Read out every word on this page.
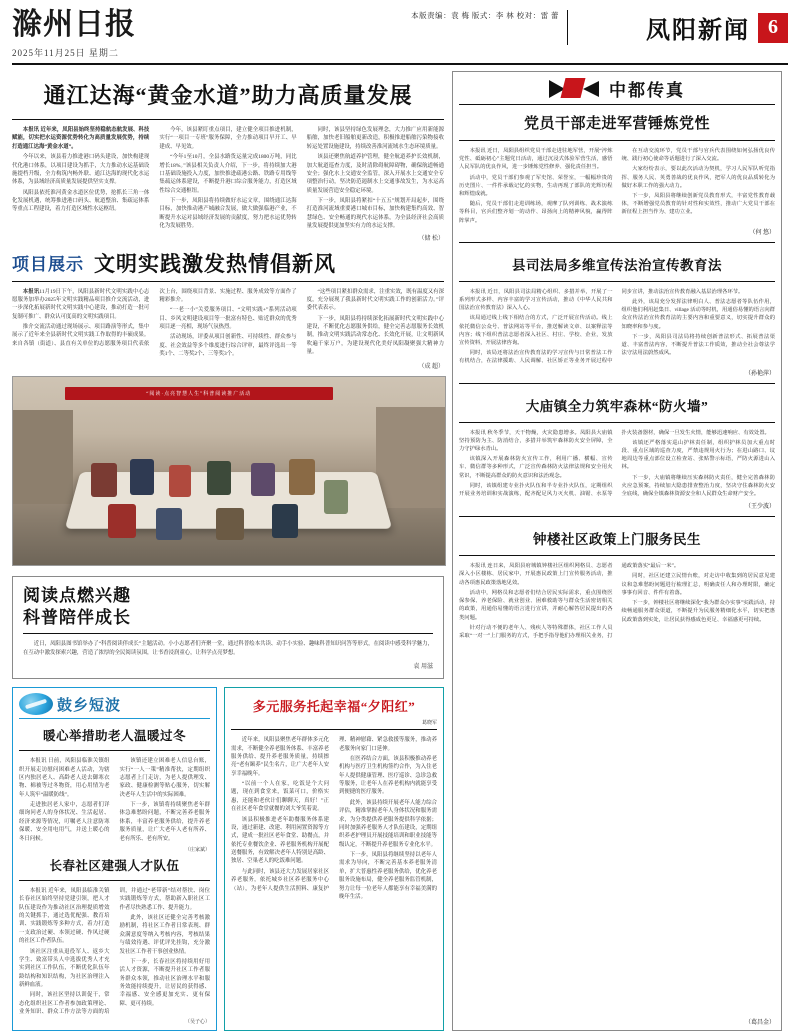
滁州日报
2025年11月25日 星期二
本版责编：袁 梅 版式：李 林 校对：雷 蕾
凤阳新闻 6
通江达海“黄金水道”助力高质量发展

本报讯 近年来，凤阳县始终坚持稳航态航发展、科技赋能，切实把水运资源优势转化为高质量发展优势，持续打造通江达海“黄金水道”。

今年以来，该县着力推进港口码头建设，加快构建现代化港口体系，以项目建设为抓手，大力推动水运基础设施提档升级，全力构筑内畅外联、通江达海的现代化水运体系，为县域经济高质量发展提供坚实支撑。

凤阳县依托淮河黄金水道区位优势，抢抓长三角一体化发展机遇，统筹推进港口码头、航道整治、集疏运体系等重点工程建设，着力打造区域性水运枢纽。

今年，该县紧盯重点项目，建立健全项目推进机制，实行“一项目一专班”服务保障，全力推动项目早开工、早建成、早见效。

“今年1至10月，全县水路货运量完成1800万吨，同比增长18%。”该县相关负责人介绍，下一步，将持续加大港口基础设施投入力度，加快推进疏港公路、铁路专用线等集疏运体系建设，不断提升港口综合服务能力，打造区域性综合交通枢纽。

下一步，凤阳县将持续做好水运文章，围绕通江达海目标，加快推动港产城融合发展，做大做强临港产业，不断提升水运对县域经济发展的贡献度，努力把水运优势转化为发展胜势。

同时，该县坚持绿色发展理念，大力推广应用新能源船舶，加快老旧船舶更新改造，积极推进船舶污染物接收转运处置设施建设，持续改善淮河流域水生态环境质量。

该县还聚焦航道养护管理，健全航道养护长效机制，加大航道巡查力度，及时清除碍航障碍物，确保航道畅通安全；强化水上交通安全监管，深入开展水上交通安全专项整治行动，坚决防范遏制水上交通事故发生，为水运高质量发展营造安全稳定环境。

下一步，凤阳县将紧扣“十五五”规划开局起步，围绕打造淮河流域重要港口城市目标，加快构建集约高效、智慧绿色、安全畅通的现代水运体系，为全县经济社会高质量发展提供更加坚实有力的水运支撑。

（储 松）
项目展示 文明实践激发热情倡新风

本报讯11月19日下午，凤阳县新时代文明实践中心志愿服务加举办2025年文明实践精品项目推介交流活动，进一步深化拓展新时代文明实践中心建设，推动打造一批可复制可推广、群众认可度高的文明实践项目。

推介交流活动通过现场展示、项目路演等形式，集中展示了近年来全县新时代文明实践工作取得的丰硕成果。来自各镇（街道）、县直有关单位的志愿服务项目代表依次上台，围绕项目背景、实施过程、服务成效等方面作了精彩推介。

“一老一小”关爱服务项目、“文明实践+”系列活动项目、乡风文明建设项目等一批富有特色、贴近群众的优秀项目逐一亮相，现场气氛热烈。

活动现场，评委从项目创新性、可持续性、群众参与度、社会效益等多个维度进行综合评审，最终评选出一等奖1个、二等奖2个、三等奖3个。

“这些项目紧扣群众需求，注重实效，既有温度又有深度，充分展现了我县新时代文明实践工作的创新活力。”评委代表表示。

下一步，凤阳县将持续深化拓展新时代文明实践中心建设，不断优化志愿服务供给，健全完善志愿服务长效机制，推动文明实践活动常态化、长效化开展，让文明新风吹遍千家万户，为建设现代化美好凤阳凝聚强大精神力量。

（成 超）
“阅读·点亮智慧人生”科普阅读推广活动
阅读点燃兴趣
科普陪伴成长

近日，凤阳县图书馆举办了“科普阅读伴成长”主题活动。小小志愿者们齐聚一堂，通过科普绘本共读、动手小实验、趣味科普知识问答等形式，在阅读中感受科学魅力，在互动中激发探索兴趣，营造了浓厚的全民阅读氛围，让书香浸润童心，让科学点亮梦想。

袁 用滋
鼓乡短波
暖心举措助老人温暖过冬

本报讯 日前，凤阳县临淮关镇组织开展走访慰问困难老人活动，为辖区内独居老人、高龄老人送去御寒衣物、棉被等过冬物资，用心用情为老年人筑牢“温暖防线”。

走进独居老人家中，志愿者们详细询问老人的身体状况、生活起居、经济来源等情况，叮嘱老人注意防寒保暖、安全用电用气，并送上暖心的冬日问候。

该镇还建立困难老人信息台账，实行“一人一策”精准帮扶，定期组织志愿者上门走访，为老人提供理发、家政、健康检测等贴心服务，切实解决老年人生活中的实际困难。

下一步，该镇将持续聚焦老年群体急难愁盼问题，不断完善养老服务体系，丰富养老服务供给，提升养老服务质量，让广大老年人老有所养、老有所乐、老有所安。

（庄家斌）
长春社区建强人才队伍

本报讯 近年来，凤阳县临淮关镇长春社区始终坚持党建引领，把人才队伍建设作为推动社区治理提质增效的关键抓手，通过选优配强、教育培训、实践锻炼等多种方式，着力打造一支政治过硬、本领过硬、作风过硬的社区工作者队伍。

该社区注重从退役军人、返乡大学生、致富带头人中选拔优秀人才充实到社区工作队伍，不断优化队伍年龄结构和知识结构，为社区治理注入新鲜血液。

同时，该社区坚持以训促干，常态化组织社区工作者参加政策理论、业务知识、群众工作方法等方面的培训，并通过“老带新”结对帮扶、岗位实践锻炼等方式，帮助新入职社区工作者尽快熟悉工作、提升能力。

此外，该社区还健全完善考核激励机制，将社区工作者日常表现、群众满意度等纳入考核内容，考核结果与绩效待遇、评优评先挂钩，充分激发社区工作者干事创业热情。

下一步，长春社区将持续用好用活人才资源，不断提升社区工作者服务群众本领，推动社区治理水平和服务效能持续提升，让居民的获得感、幸福感、安全感更加充实、更有保障、更可持续。

（吴子心）
多元服务托起幸福“夕阳红”
葛晓军

近年来，凤阳县聚焦老年群体多元化需求，不断健全养老服务体系、丰富养老服务供给、提升养老服务质量，持续擦亮“老有颐养”民生名片，让广大老年人安享幸福晚年。

“以前一个人在家，吃饭是个大问题，现在到食堂来，饭菜可口，价格实惠，还能和老伙计们聊聊天，真好！”正在社区老年食堂就餐的刘大爷笑着说。

该县积极推进老年助餐服务体系建设，通过新建、改建、利用闲置资源等方式，建成一批社区老年食堂、助餐点，并依托专业餐饮企业、养老服务机构开展配送餐服务，有效解决老年人特别是高龄、独居、空巢老人的吃饭难问题。

与此同时，该县还大力发展居家社区养老服务，依托城乡社区养老服务中心（站），为老年人提供生活照料、康复护理、精神慰藉、紧急救援等服务，推动养老服务向家门口延伸。

在医养结合方面，该县积极推动养老机构与医疗卫生机构签约合作，为入住老年人提供健康管理、医疗巡诊、急诊急救等服务，让老年人在养老机构内就能享受到便捷的医疗服务。

此外，该县持续开展老年人能力综合评估，精准掌握老年人身体状况和服务需求，为分类提供养老服务提供科学依据；同时加强养老服务人才队伍建设，定期组织养老护理员开展技能培训和职业技能等级认定，不断提升养老服务专业化水平。

下一步，凤阳县将继续坚持以老年人需求为导向，不断完善基本养老服务清单，扩大普惠性养老服务供给，优化养老服务设施布局，健全养老服务监管机制，努力让每一位老年人都能享有幸福美满的晚年生活。

中都传真
党员干部走进军营锤炼党性

本报讯 近日，凤阳县组织党员干部走进驻地军营，开展“淬炼党性、砥砺初心”主题党日活动，通过沉浸式体验军营生活，感悟人民军队的优良作风，进一步锤炼党性修养、强化责任担当。

活动中，党员干部们参观了军史馆、荣誉室，一幅幅珍贵的历史图片、一件件承载记忆的实物，生动再现了部队的光辉历程和辉煌成就。

随后，党员干部们走进训练场，观摩了队列训练、战术演练等科目，官兵们整齐划一的动作、昂扬向上的精神风貌，赢得阵阵掌声。

在互动交流环节，党员干部与官兵代表围绕如何弘扬优良传统、践行初心使命等话题进行了深入交流。

大家纷纷表示，要以此次活动为契机，学习人民军队听党指挥、服务人民、英勇善战的优良作风，把军人的优良品质转化为做好本职工作的强大动力。

下一步，凤阳县将继续创新党员教育形式，丰富党性教育载体，不断增强党员教育的针对性和实效性，推动广大党员干部在新征程上担当作为、建功立业。

（何 悠）
县司法局多维宣传法治宣传教育法

本报讯 近日，凤阳县司法局精心组织、多措并举，开展了一系列形式多样、内容丰富的学习宣传活动，推动《中华人民共和国法治宣传教育法》深入人心。

该局通过线上线下相结合的方式，广泛开展宣传活动。线上依托微信公众号、普法网站等平台，推送解读文章、以案释法等内容；线下组织普法志愿者深入社区、村庄、学校、企业，发放宣传资料，开展法律咨询。

同时，该局还将法治宣传教育法的学习宣传与日常普法工作有机结合，在法律援助、人民调解、社区矫正等业务开展过程中同步宣讲，推动法治宣传教育融入基层治理各环节。

此外，该局充分发挥法律明白人、普法志愿者等队伍作用，组织他们利用赶集日、village 活动等时机，用通俗易懂的语言向群众宣传法治宣传教育法的主要内容和重要意义，切实提升群众的知晓率和参与度。

下一步，凤阳县司法局将持续创新普法形式、拓展普法渠道、丰富普法内容，不断提升普法工作质效，推动全社会尊法学法守法用法蔚然成风。

（孙艳萍）
大庙镇全力筑牢森林“防火墙”

本报讯 秋冬季节，天干物燥，火灾隐患增多。凤阳县大庙镇坚持预防为主、防消结合，多措并举筑牢森林防火安全屏障，全力守护绿水青山。

该镇深入开展森林防火宣传工作，利用广播、横幅、宣传车、微信群等多种形式，广泛宣传森林防火法律法规和安全用火常识，不断提高群众的防火意识和法治观念。

同时，该镇组建专业扑火队伍和半专业扑火队伍，定期组织开展业务培训和实战演练，配齐配足风力灭火机、油锯、水泵等扑火装备器材，确保一旦发生火情，能够迅速响应、有效处置。

该镇还严格落实巡山护林责任制，组织护林员加大重点时段、重点区域的巡查力度，严禁违规用火行为；在进山路口、坟地周边等重点部位设立检查站、张贴警示标语，严防火源进山入林。

下一步，大庙镇将继续压实森林防火责任，健全完善森林防火应急预案，持续加大隐患排查整治力度，坚决守住森林防火安全底线，确保全镇森林资源安全和人民群众生命财产安全。

（王少波）
钟楼社区政策上门服务民生

本报讯 连日来，凤阳县府城镇钟楼社区组织网格员、志愿者深入小区楼栋、居民家中，开展惠民政策上门宣传服务活动，推动各项惠民政策落地见效。

活动中，网格员和志愿者们结合居民实际需求，重点围绕医保参保、养老保险、就业创业、困难救助等与群众生活密切相关的政策，用通俗易懂的语言进行宣讲，并耐心解答居民提出的各类问题。

针对行动不便的老年人、残疾人等特殊群体，社区工作人员采取“一对一”上门服务的方式，手把手指导他们办理相关业务，打通政策落实“最后一米”。

同时，社区还建立民情台账，对走访中收集到的居民意见建议和急难愁盼问题进行梳理汇总，明确责任人和办理时限，确定事事有回音、件件有着落。

下一步，钟楼社区将继续深化“我为群众办实事”实践活动，持续畅通服务群众渠道，不断提升为民服务精细化水平，切实把惠民政策落到实处，让居民获得感成色更足、幸福感更可持续。

（葛昌金）
